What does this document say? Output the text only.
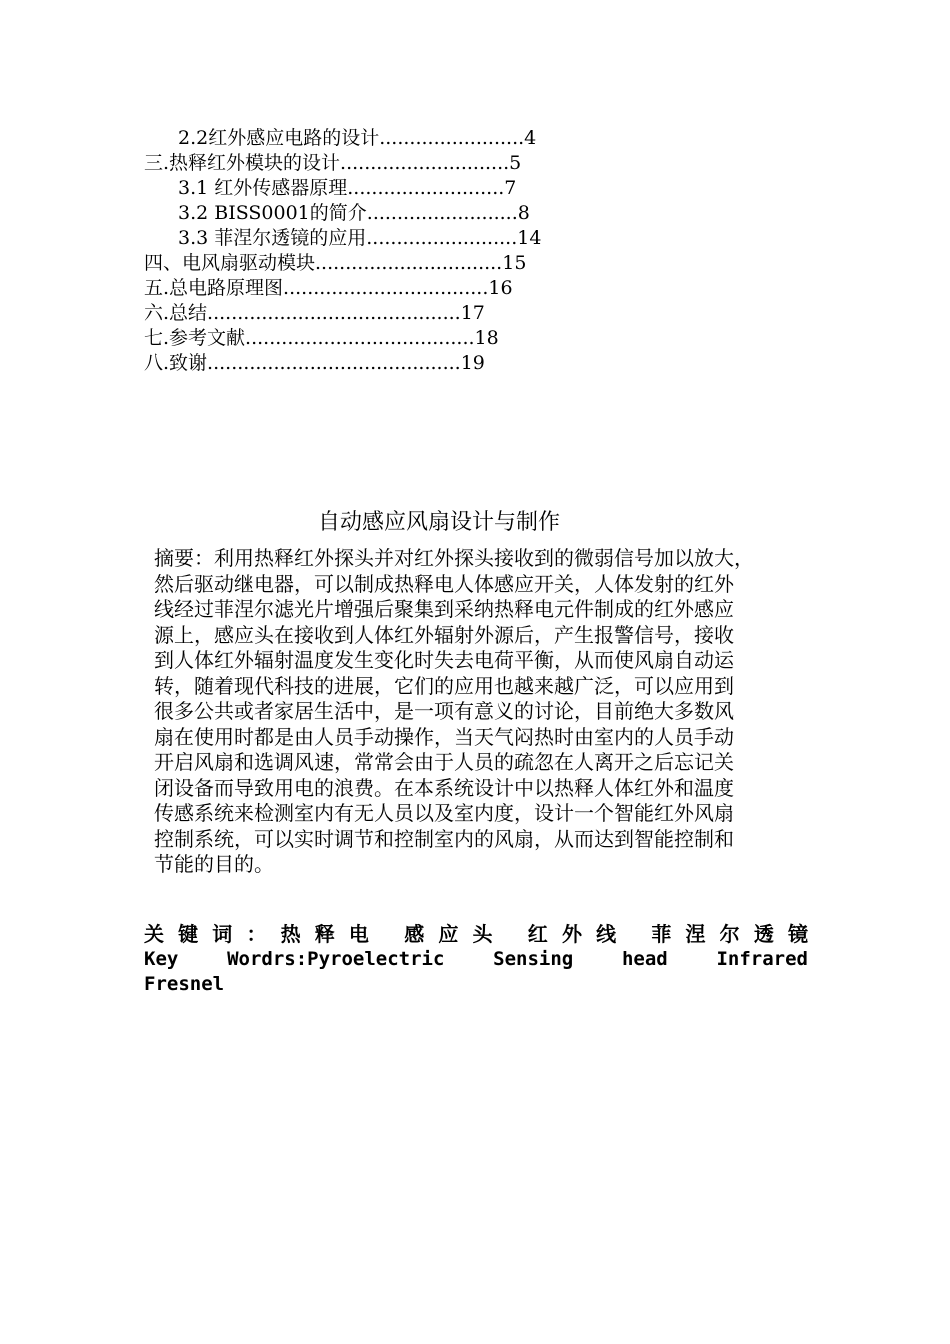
2.2红外感应电路的设计........................4
三.热释红外模块的设计............................5
3.1 红外传感器原理..........................7
3.2 BISS0001的简介.........................8
3.3 菲涅尔透镜的应用.........................14
四、电风扇驱动模块...............................15
五.总电路原理图..................................16
六.总结..........................................17
七.参考文献......................................18
八.致谢..........................................19
自动感应风扇设计与制作
摘要：利用热释红外探头并对红外探头接收到的微弱信号加以放大，
然后驱动继电器，可以制成热释电人体感应开关，人体发射的红外
线经过菲涅尔滤光片增强后聚集到采纳热释电元件制成的红外感应
源上，感应头在接收到人体红外辐射外源后，产生报警信号，接收
到人体红外辐射温度发生变化时失去电荷平衡，从而使风扇自动运
转，随着现代科技的进展，它们的应用也越来越广泛，可以应用到
很多公共或者家居生活中，是一项有意义的讨论，目前绝大多数风
扇在使用时都是由人员手动操作，当天气闷热时由室内的人员手动
开启风扇和选调风速，常常会由于人员的疏忽在人离开之后忘记关
闭设备而导致用电的浪费。在本系统设计中以热释人体红外和温度
传感系统来检测室内有无人员以及室内度，设计一个智能红外风扇
控制系统，可以实时调节和控制室内的风扇，从而达到智能控制和
节能的目的。
关键词：热释电 感应头 红外线 菲涅尔透镜
Key	Wordrs:Pyroelectric	Sensing	head	Infrared
Fresnel
